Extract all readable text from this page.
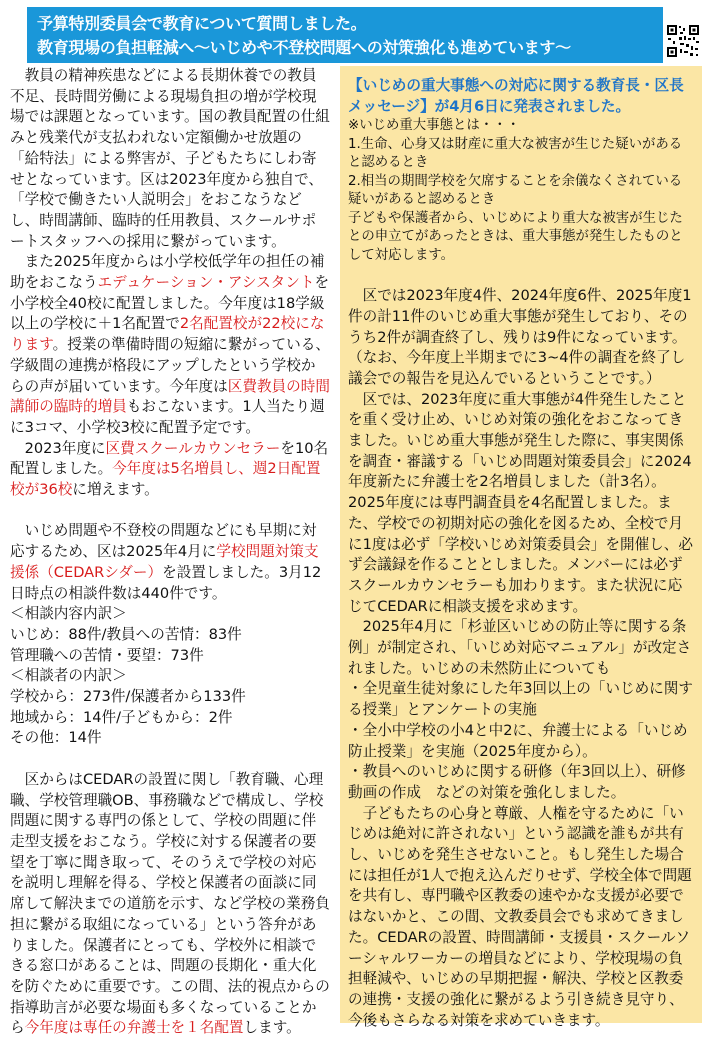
予算特別委員会で教育について質問しました。
教育現場の負担軽減へ～いじめや不登校問題への対策強化も進めています～

教員の精神疾患などによる長期休養での教員不足、長時間労働による現場負担の増が学校現場では課題となっています。国の教員配置の仕組みと残業代が支払われない定額働かせ放題の「給特法」による弊害が、子どもたちにしわ寄せとなっています。区は2023年度から独自で、「学校で働きたい人説明会」をおこなうなどし、時間講師、臨時的任用教員、スクールサポートスタッフへの採用に繋がっています。

また2025年度からは小学校低学年の担任の補助をおこなうエデュケーション・アシスタントを小学校全40校に配置しました。今年度は18学級以上の学校に＋1名配置で2名配置校が22校になります。授業の準備時間の短縮に繋がっている、学級間の連携が格段にアップしたという学校からの声が届いています。今年度は区費教員の時間講師の臨時的増員もおこないます。1人当たり週に3コマ、小学校3校に配置予定です。

2023年度に区費スクールカウンセラーを10名配置しました。今年度は5名増員し、週2日配置校が36校に増えます。

いじめ問題や不登校の問題などにも早期に対応するため、区は2025年4月に学校問題対策支援係（CEDARシダー）を設置しました。3月12日時点の相談件数は440件です。

＜相談内容内訳＞

いじめ：88件/教員への苦情：83件

管理職への苦情・要望：73件

＜相談者の内訳＞

学校から：273件/保護者から133件

地域から：14件/子どもから：2件

その他：14件

区からはCEDARの設置に関し「教育職、心理職、学校管理職OB、事務職などで構成し、学校問題に関する専門の係として、学校の問題に伴走型支援をおこなう。学校に対する保護者の要望を丁寧に聞き取って、そのうえで学校の対応を説明し理解を得る、学校と保護者の面談に同席して解決までの道筋を示す、など学校の業務負担に繋がる取組になっている」という答弁がありました。保護者にとっても、学校外に相談できる窓口があることは、問題の長期化・重大化を防ぐために重要です。この間、法的視点からの指導助言が必要な場面も多くなっていることから今年度は専任の弁護士を１名配置します。

【いじめの重大事態への対応に関する教育長・区長メッセージ】が4月6日に発表されました。

※いじめ重大事態とは・・・

1.生命、心身又は財産に重大な被害が生じた疑いがあると認めるとき

2.相当の期間学校を欠席することを余儀なくされている疑いがあると認めるとき

子どもや保護者から、いじめにより重大な被害が生じたとの申立てがあったときは、重大事態が発生したものとして対応します。

区では2023年度4件、2024年度6件、2025年度1件の計11件のいじめ重大事態が発生しており、そのうち2件が調査終了し、残りは9件になっています。（なお、今年度上半期までに3~4件の調査を終了し議会での報告を見込んでいるということです。）

区では、2023年度に重大事態が4件発生したことを重く受け止め、いじめ対策の強化をおこなってきました。いじめ重大事態が発生した際に、事実関係を調査・審議する「いじめ問題対策委員会」に2024年度新たに弁護士を2名増員しました（計3名）。2025年度には専門調査員を4名配置しました。また、学校での初期対応の強化を図るため、全校で月に1度は必ず「学校いじめ対策委員会」を開催し、必ず会議録を作ることとしました。メンバーには必ずスクールカウンセラーも加わります。また状況に応じてCEDARに相談支援を求めます。

2025年4月に「杉並区いじめの防止等に関する条例」が制定され、「いじめ対応マニュアル」が改定されました。いじめの未然防止についても

・全児童生徒対象にした年3回以上の「いじめに関する授業」とアンケートの実施

・全小中学校の小4と中2に、弁護士による「いじめ防止授業」を実施（2025年度から）。

・教員へのいじめに関する研修（年3回以上）、研修動画の作成　などの対策を強化しました。

子どもたちの心身と尊厳、人権を守るために「いじめは絶対に許されない」という認識を誰もが共有し、いじめを発生させないこと。もし発生した場合には担任が1人で抱え込んだりせず、学校全体で問題を共有し、専門職や区教委の速やかな支援が必要ではないかと、この間、文教委員会でも求めてきました。CEDARの設置、時間講師・支援員・スクールソーシャルワーカーの増員などにより、学校現場の負担軽減や、いじめの早期把握・解決、学校と区教委の連携・支援の強化に繋がるよう引き続き見守り、今後もさらなる対策を求めていきます。
